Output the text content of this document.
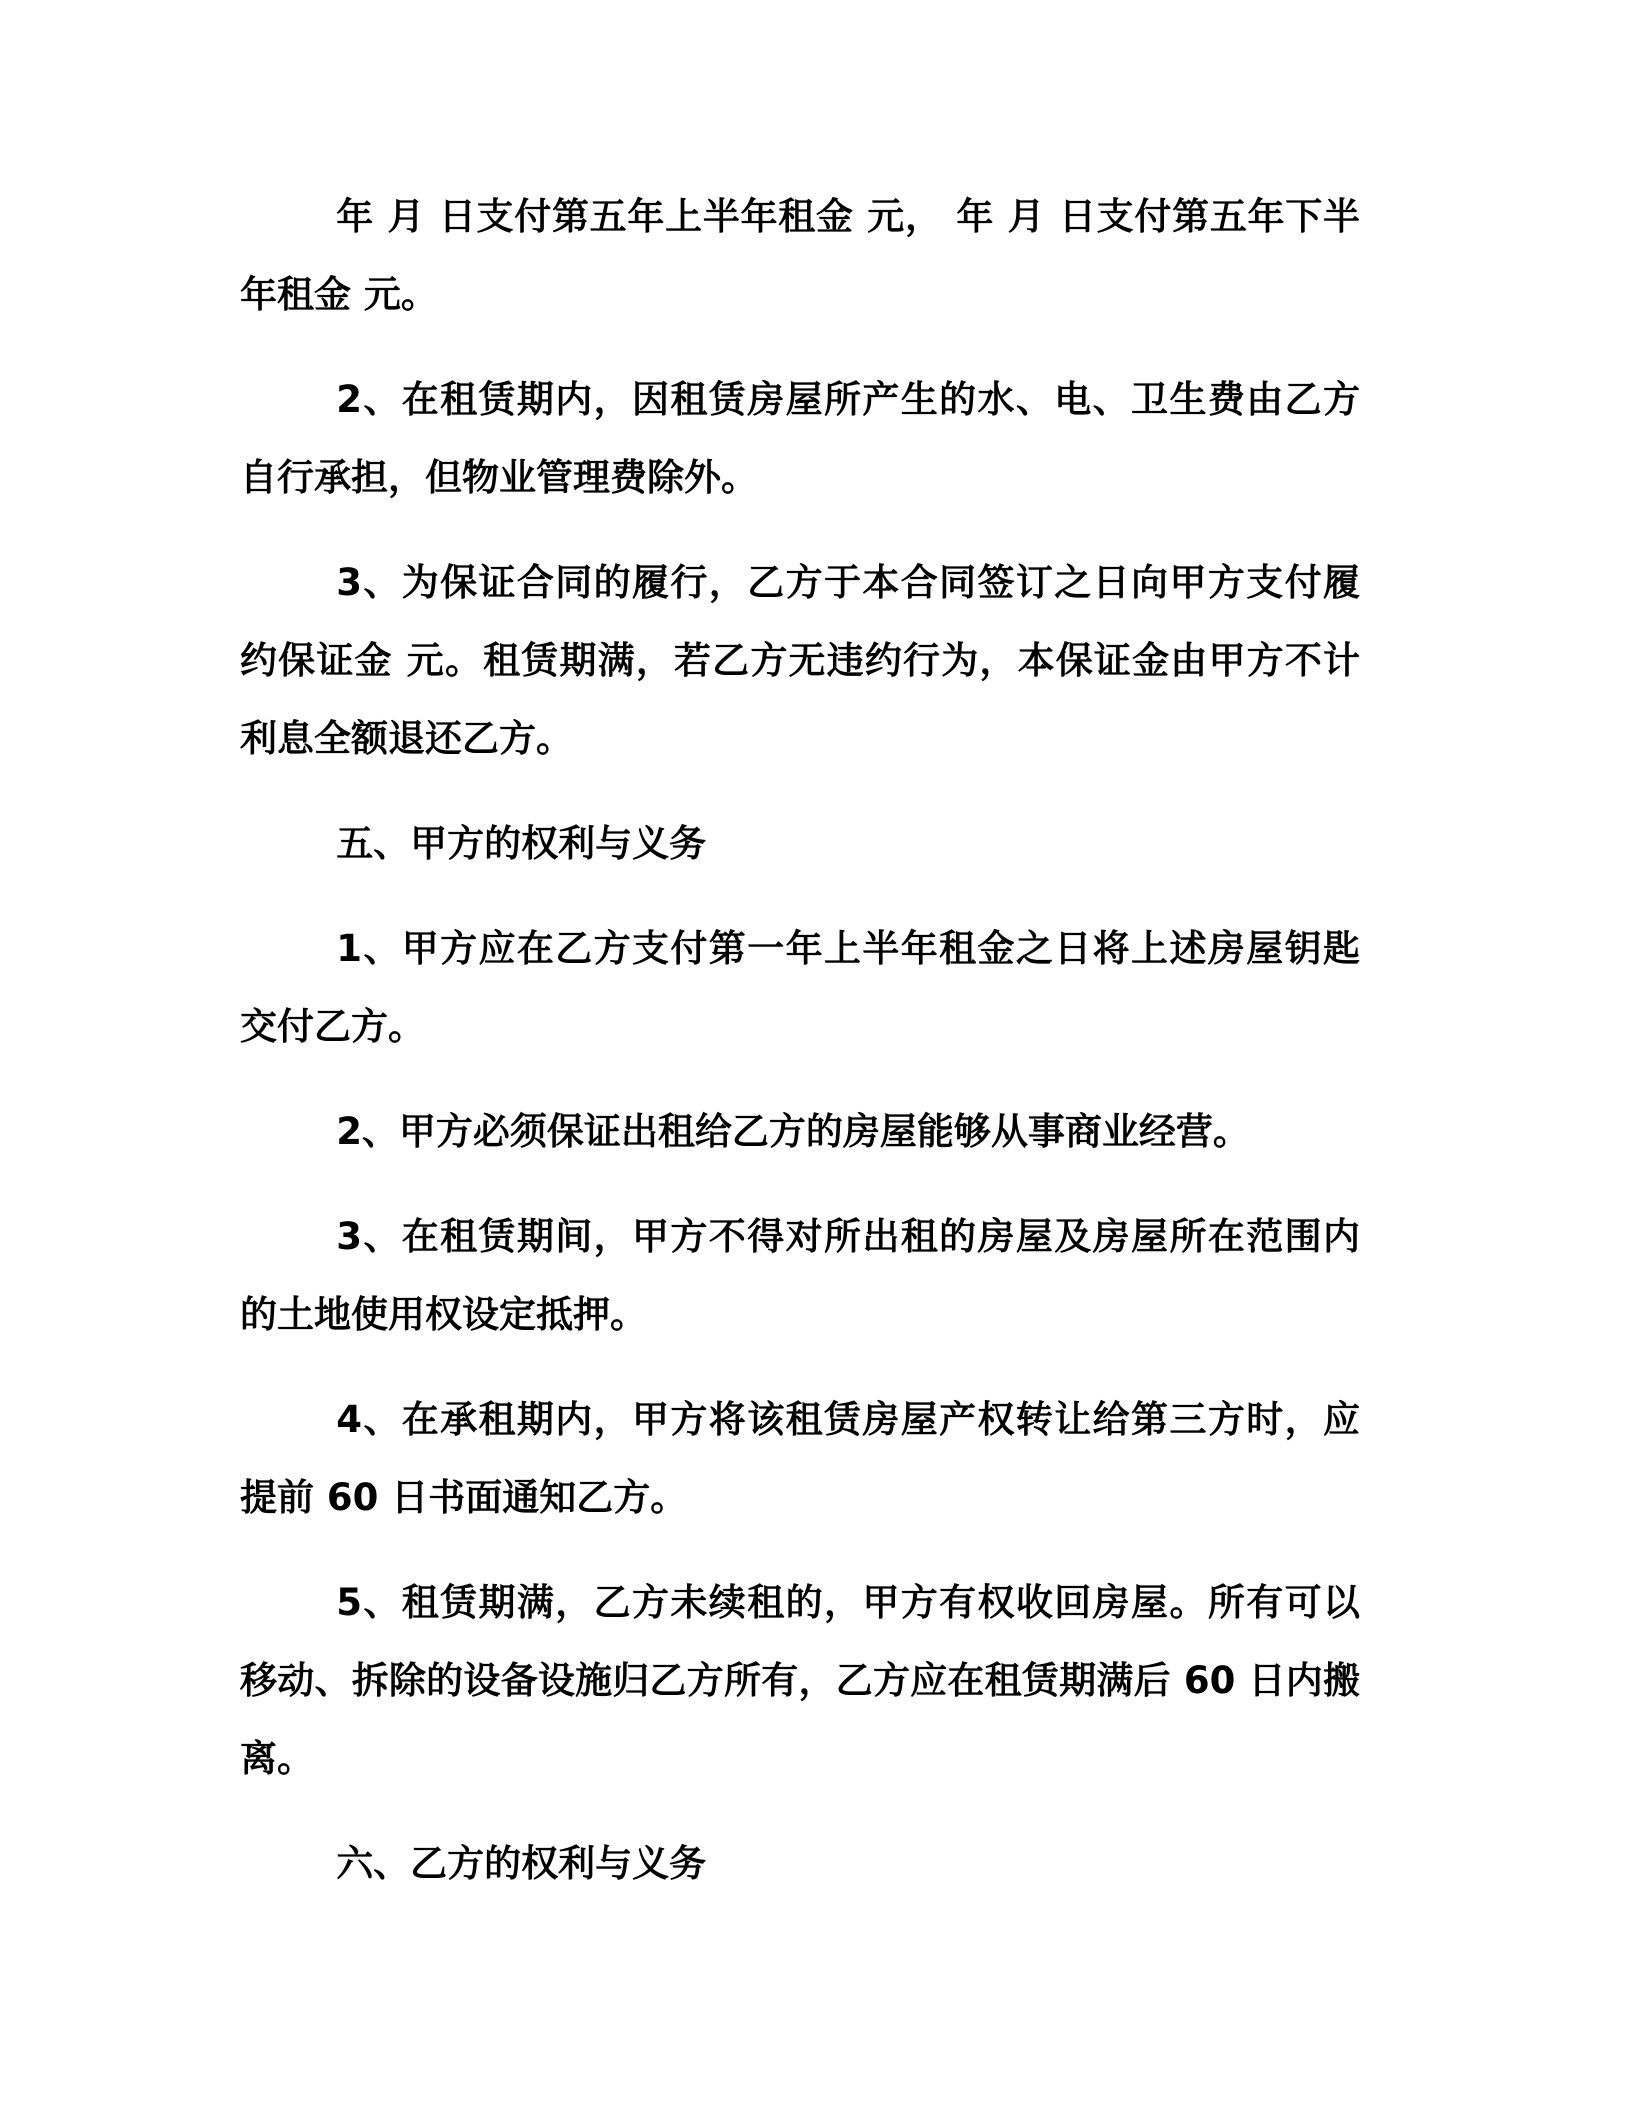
年 月 日支付第五年上半年租金 元， 年 月 日支付第五年下半年租金 元。

2、在租赁期内，因租赁房屋所产生的水、电、卫生费由乙方自行承担，但物业管理费除外。

3、为保证合同的履行，乙方于本合同签订之日向甲方支付履约保证金 元。租赁期满，若乙方无违约行为，本保证金由甲方不计利息全额退还乙方。

五、甲方的权利与义务

1、甲方应在乙方支付第一年上半年租金之日将上述房屋钥匙交付乙方。

2、甲方必须保证出租给乙方的房屋能够从事商业经营。

3、在租赁期间，甲方不得对所出租的房屋及房屋所在范围内的土地使用权设定抵押。

4、在承租期内，甲方将该租赁房屋产权转让给第三方时，应提前 60 日书面通知乙方。

5、租赁期满，乙方未续租的，甲方有权收回房屋。所有可以移动、拆除的设备设施归乙方所有，乙方应在租赁期满后 60 日内搬离。

六、乙方的权利与义务
